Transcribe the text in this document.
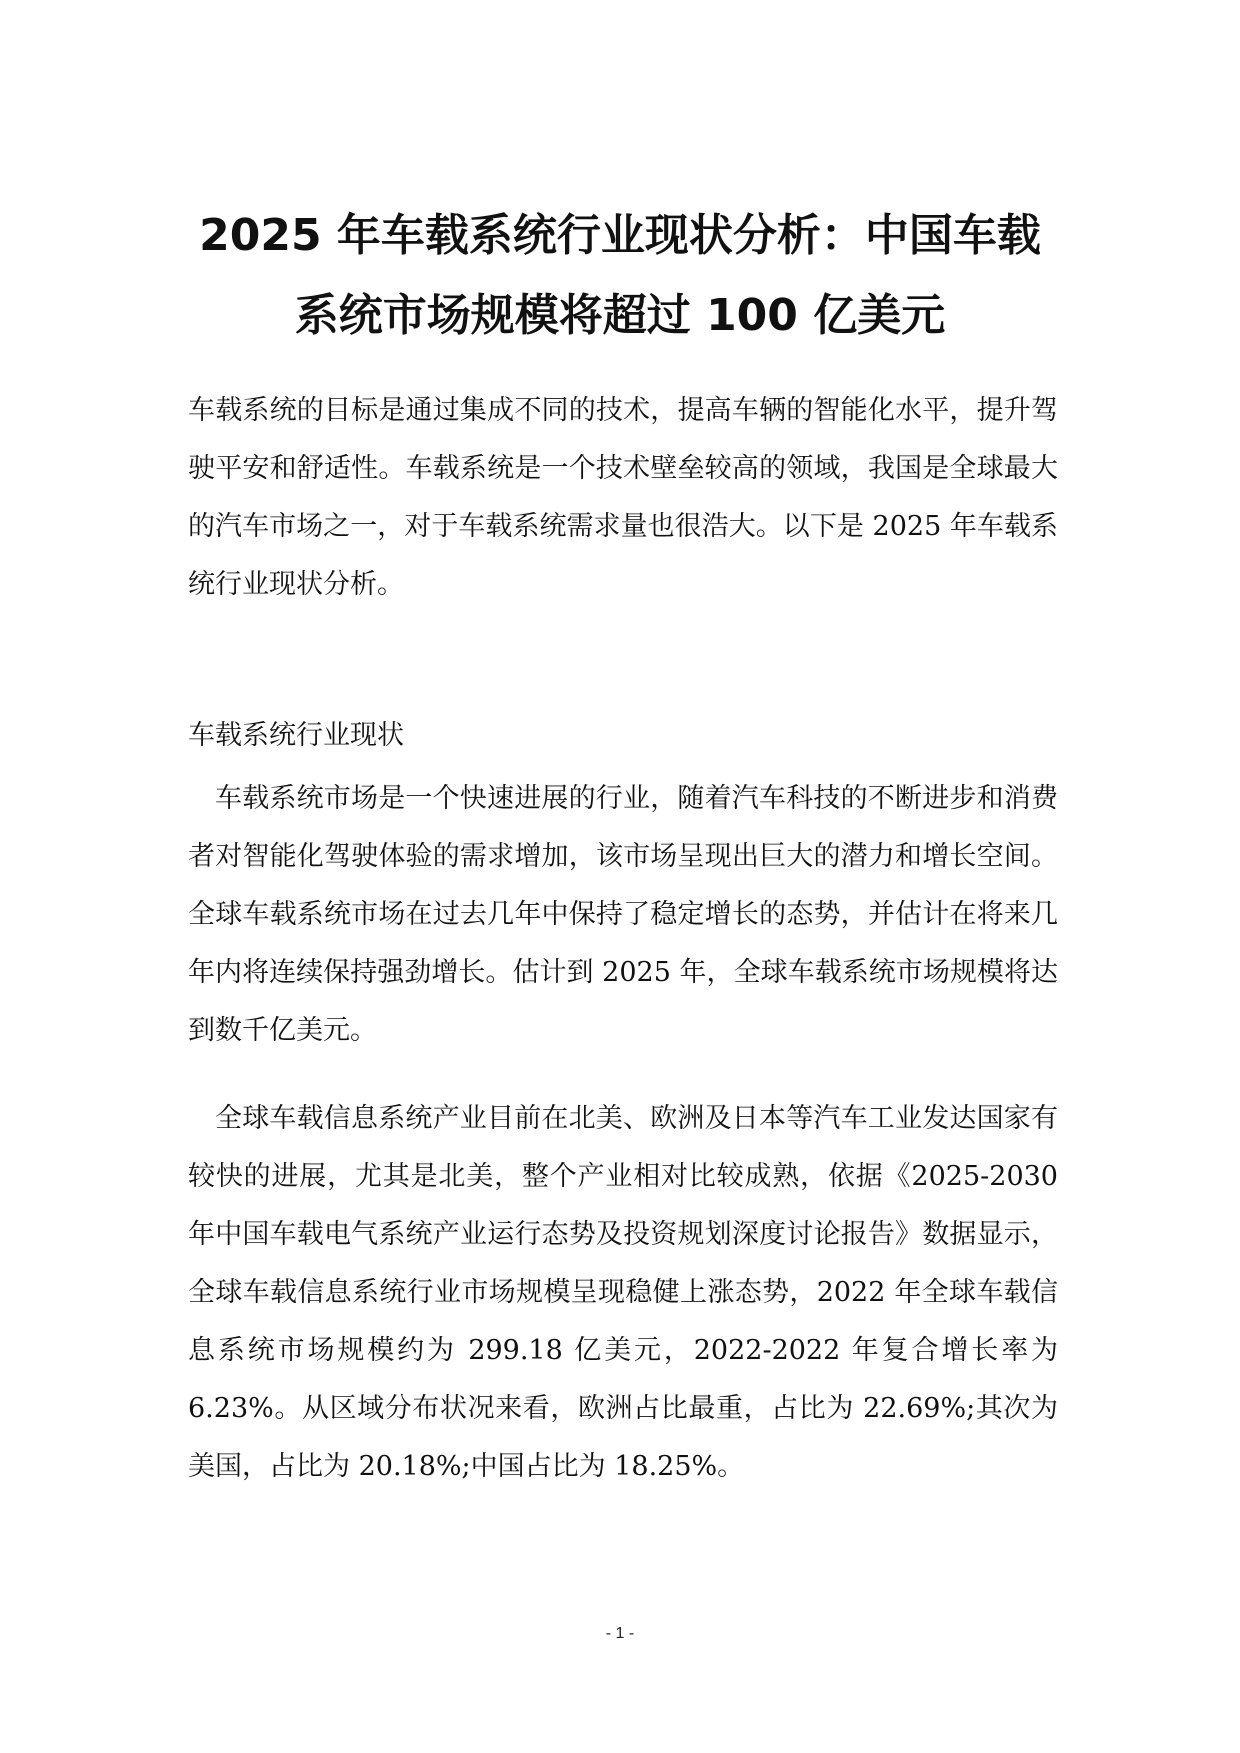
2025 年车载系统行业现状分析：中国车载
系统市场规模将超过 100 亿美元

车载系统的目标是通过集成不同的技术，提高车辆的智能化水平，提升驾驶平安和舒适性。车载系统是一个技术壁垒较高的领域，我国是全球最大的汽车市场之一，对于车载系统需求量也很浩大。以下是 2025 年车载系统行业现状分析。

车载系统行业现状

车载系统市场是一个快速进展的行业，随着汽车科技的不断进步和消费者对智能化驾驶体验的需求增加，该市场呈现出巨大的潜力和增长空间。全球车载系统市场在过去几年中保持了稳定增长的态势，并估计在将来几年内将连续保持强劲增长。估计到 2025 年，全球车载系统市场规模将达到数千亿美元。

全球车载信息系统产业目前在北美、欧洲及日本等汽车工业发达国家有较快的进展，尤其是北美，整个产业相对比较成熟，依据《2025-2030 年中国车载电气系统产业运行态势及投资规划深度讨论报告》数据显示，全球车载信息系统行业市场规模呈现稳健上涨态势，2022 年全球车载信息系统市场规模约为 299.18 亿美元，2022-2022 年复合增长率为 6.23%。从区域分布状况来看，欧洲占比最重，占比为 22.69%;其次为美国，占比为 20.18%;中国占比为 18.25%。

- 1 -
